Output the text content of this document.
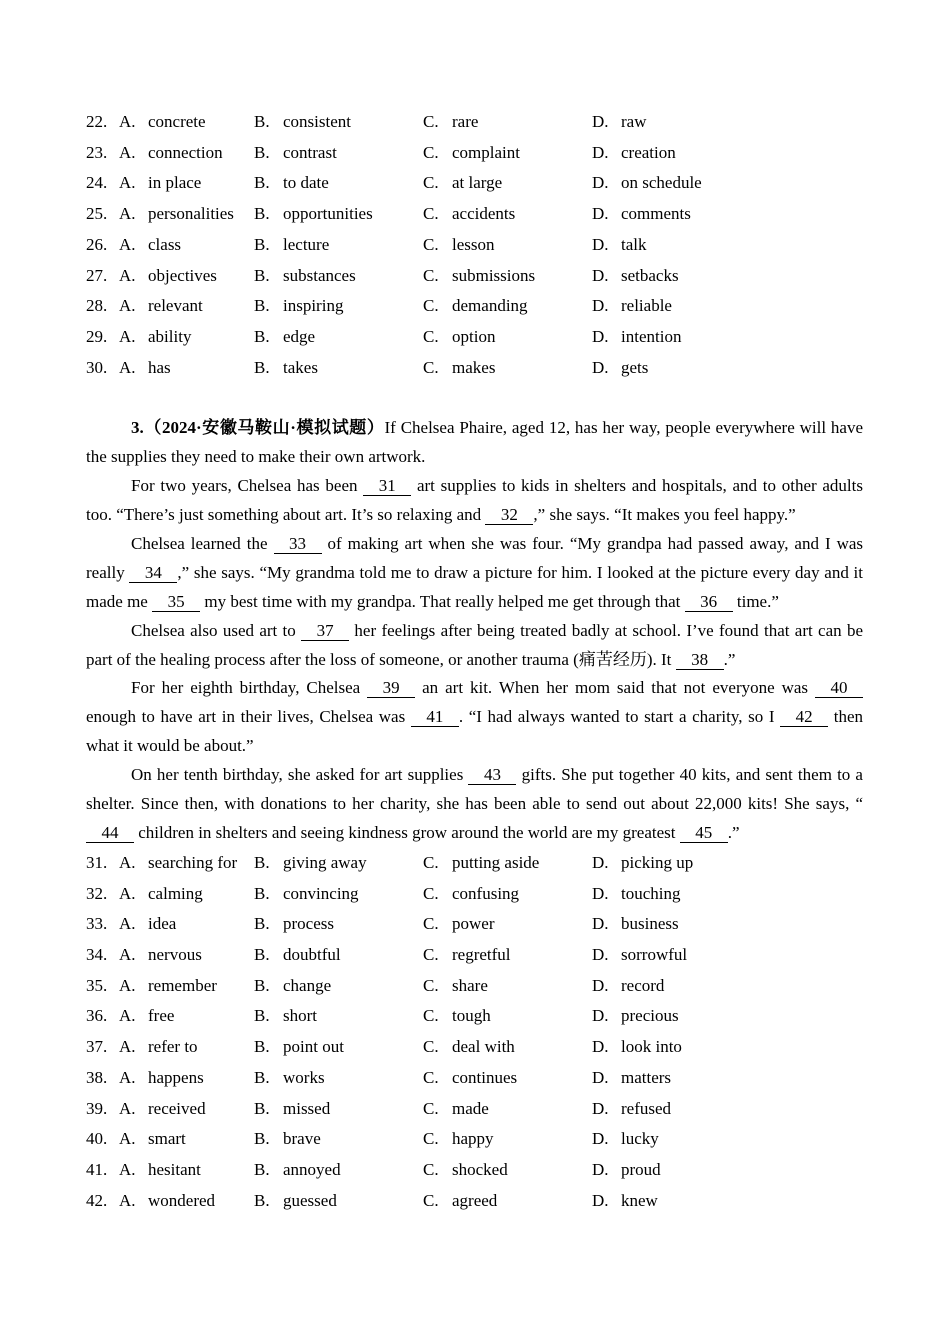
22. A. concrete	B. consistent	C. rare	D. raw
23. A. connection B. contrast	C. complaint	D. creation
24. A. in place	B. to date	C. at large	D. on schedule
25. A. personalities B. opportunities	C. accidents	D. comments
26. A. class	B. lecture	C. lesson	D. talk
27. A. objectives B. substances	C. submissions	D. setbacks
28. A. relevant	B. inspiring	C. demanding	D. reliable
29. A. ability	B. edge	C. option	D. intention
30. A. has	B. takes	C. makes	D. gets

3.（2024·安徽马鞍山·模拟试题）If Chelsea Phaire, aged 12, has her way, people everywhere will have the supplies they need to make their own artwork.

For two years, Chelsea has been 31 art supplies to kids in shelters and hospitals, and to other adults too. “There’s just something about art. It’s so relaxing and 32 ,” she says. “It makes you feel happy.”

Chelsea learned the 33 of making art when she was four. “My grandpa had passed away, and I was really 34 ,” she says. “My grandma told me to draw a picture for him. I looked at the picture every day and it made me 35 my best time with my grandpa. That really helped me get through that 36 time.”

Chelsea also used art to 37 her feelings after being treated badly at school. I’ve found that art can be part of the healing process after the loss of someone, or another trauma (痛苦经历). It 38 .”

For her eighth birthday, Chelsea 39 an art kit. When her mom said that not everyone was 40 enough to have art in their lives, Chelsea was 41 . “I had always wanted to start a charity, so I 42 then what it would be about.”

On her tenth birthday, she asked for art supplies 43 gifts. She put together 40 kits, and sent them to a shelter. Since then, with donations to her charity, she has been able to send out about 22,000 kits! She says, “44 children in shelters and seeing kindness grow around the world are my greatest 45 .”

31. A. searching for B. giving away	C. putting aside	D. picking up
32. A. calming	B. convincing	C. confusing	D. touching
33. A. idea	B. process	C. power	D. business
34. A. nervous	B. doubtful	C. regretful	D. sorrowful
35. A. remember B. change	C. share	D. record
36. A. free	B. short	C. tough	D. precious
37. A. refer to	B. point out	C. deal with	D. look into
38. A. happens	B. works	C. continues	D. matters
39. A. received	B. missed	C. made	D. refused
40. A. smart	B. brave	C. happy	D. lucky
41. A. hesitant	B. annoyed	C. shocked	D. proud
42. A. wondered B. guessed	C. agreed	D. knew
